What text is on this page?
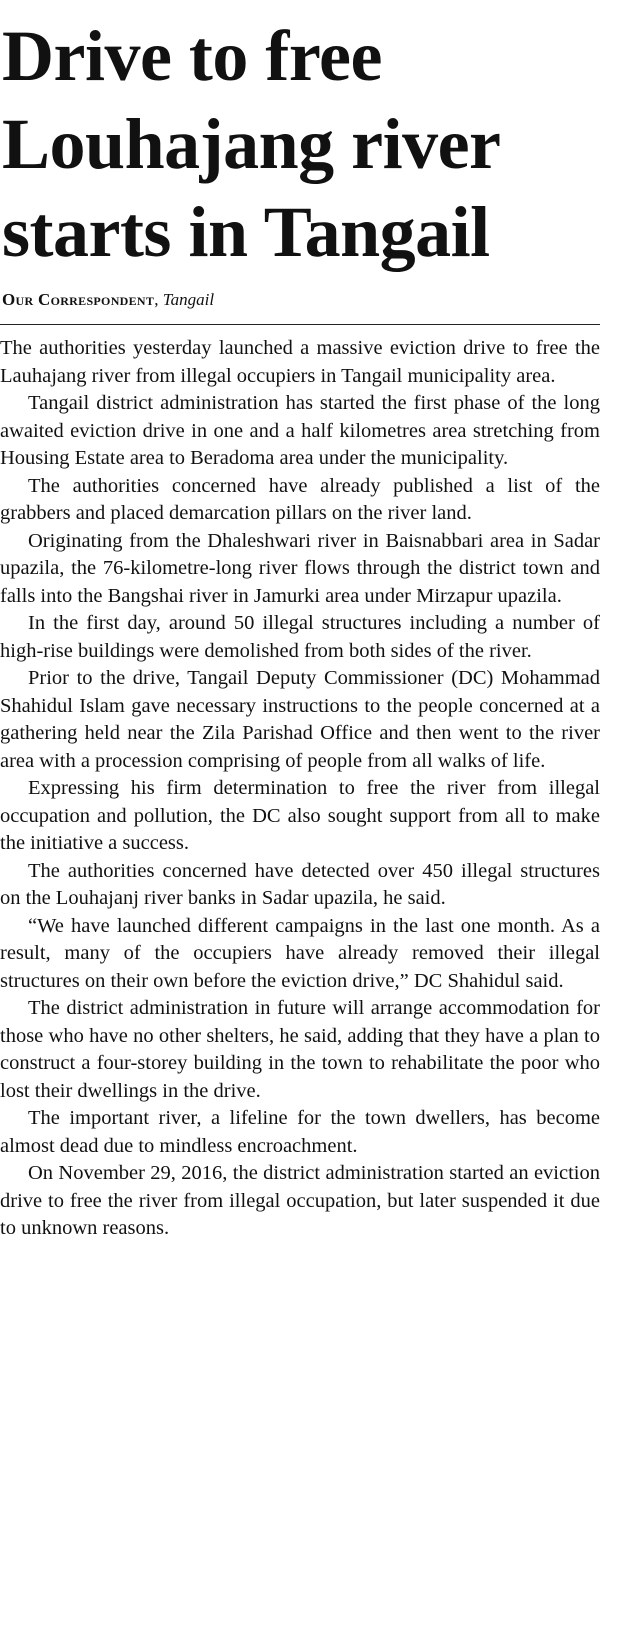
Drive to free
Louhajang river
starts in Tangail

Our Correspondent, Tangail

The authorities yesterday launched a massive eviction drive to free the Lauhajang river from illegal occupiers in Tangail municipality area.

Tangail district administration has started the first phase of the long awaited eviction drive in one and a half kilometres area stretching from Housing Estate area to Beradoma area under the municipality.

The authorities concerned have already published a list of the grabbers and placed demarcation pillars on the river land.

Originating from the Dhaleshwari river in Baisnabbari area in Sadar upazila, the 76-kilometre-long river flows through the district town and falls into the Bangshai river in Jamurki area under Mirzapur upazila.

In the first day, around 50 illegal structures including a number of high-rise buildings were demolished from both sides of the river.

Prior to the drive, Tangail Deputy Commissioner (DC) Mohammad Shahidul Islam gave necessary instructions to the people concerned at a gathering held near the Zila Parishad Office and then went to the river area with a procession comprising of people from all walks of life.

Expressing his firm determination to free the river from illegal occupation and pollution, the DC also sought support from all to make the initiative a success.

The authorities concerned have detected over 450 illegal structures on the Louhajanj river banks in Sadar upazila, he said.

“We have launched different campaigns in the last one month. As a result, many of the occupiers have already removed their illegal structures on their own before the eviction drive,” DC Shahidul said.

The district administration in future will arrange accommodation for those who have no other shelters, he said, adding that they have a plan to construct a four-storey building in the town to rehabilitate the poor who lost their dwellings in the drive.

The important river, a lifeline for the town dwellers, has become almost dead due to mindless encroachment.

On November 29, 2016, the district administration started an eviction drive to free the river from illegal occupation, but later suspended it due to unknown reasons.
